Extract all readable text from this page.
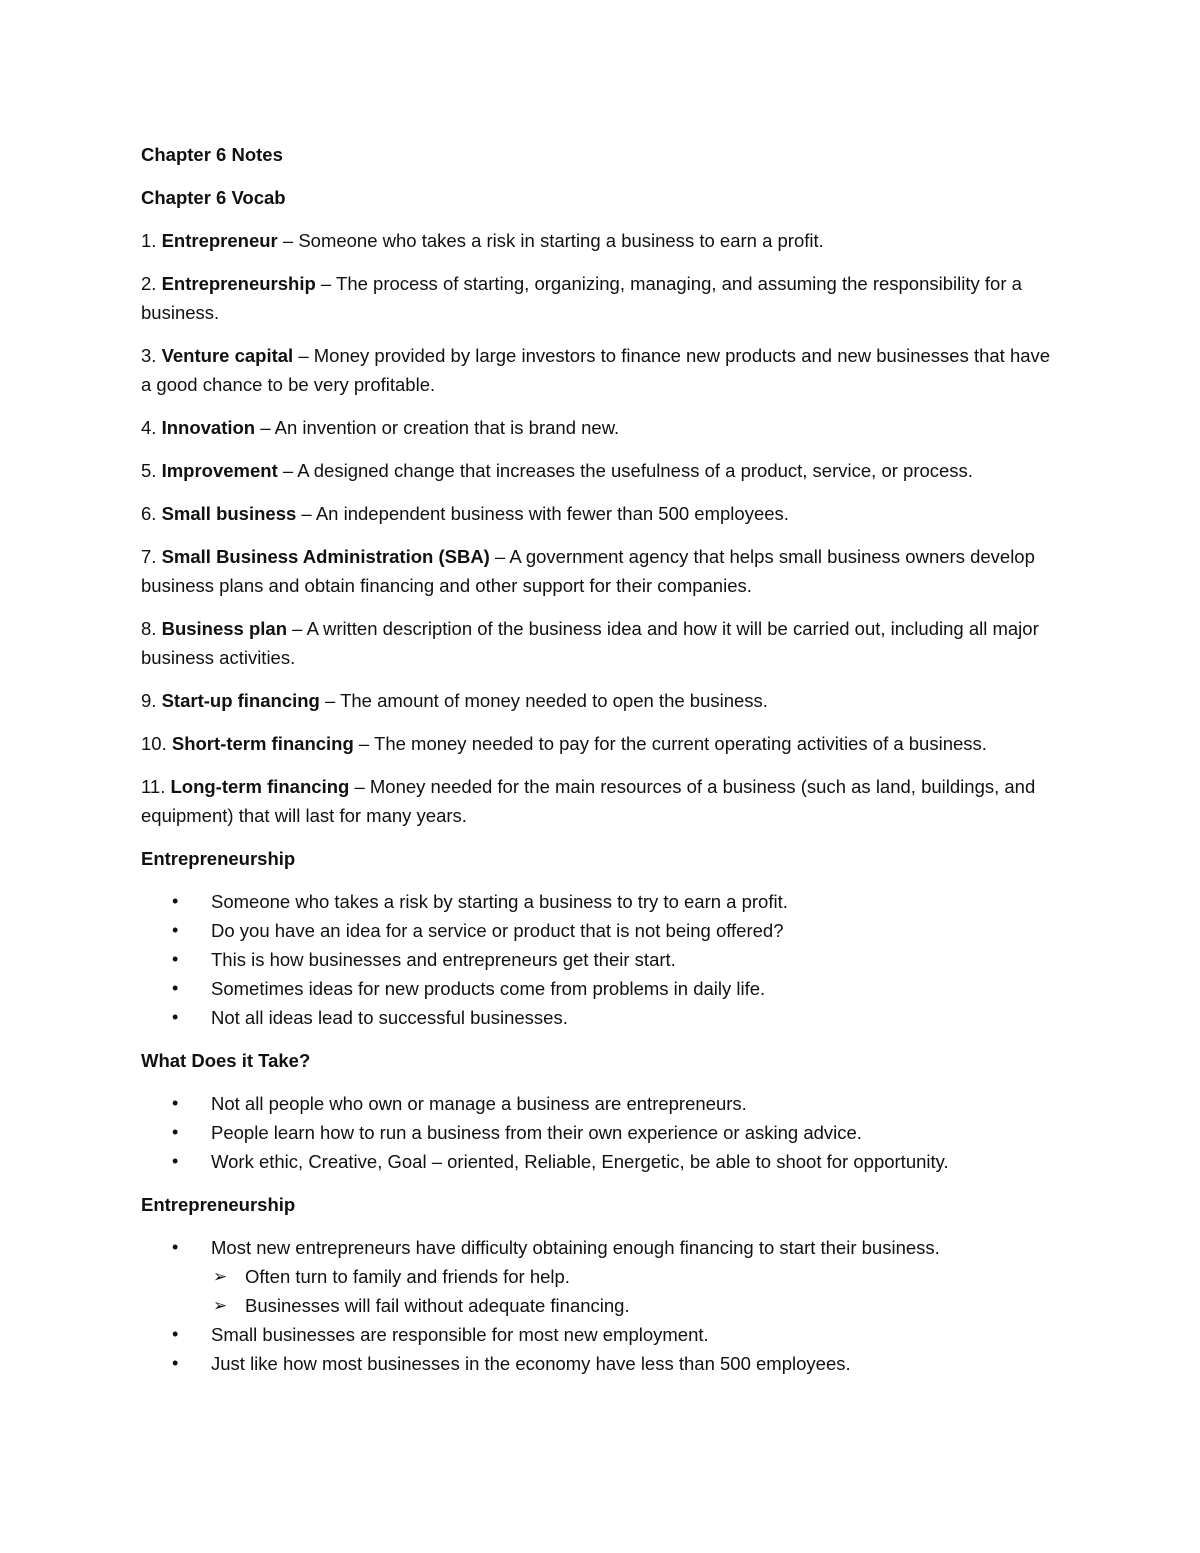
Chapter 6 Notes

Chapter 6 Vocab

1. Entrepreneur – Someone who takes a risk in starting a business to earn a profit.

2. Entrepreneurship – The process of starting, organizing, managing, and assuming the responsibility for a business.

3. Venture capital – Money provided by large investors to finance new products and new businesses that have a good chance to be very profitable.

4. Innovation – An invention or creation that is brand new.

5. Improvement – A designed change that increases the usefulness of a product, service, or process.

6. Small business – An independent business with fewer than 500 employees.

7. Small Business Administration (SBA) – A government agency that helps small business owners develop business plans and obtain financing and other support for their companies.

8. Business plan – A written description of the business idea and how it will be carried out, including all major business activities.

9. Start-up financing – The amount of money needed to open the business.

10. Short-term financing – The money needed to pay for the current operating activities of a business.

11. Long-term financing – Money needed for the main resources of a business (such as land, buildings, and equipment) that will last for many years.

Entrepreneurship

• Someone who takes a risk by starting a business to try to earn a profit.
• Do you have an idea for a service or product that is not being offered?
• This is how businesses and entrepreneurs get their start.
• Sometimes ideas for new products come from problems in daily life.
• Not all ideas lead to successful businesses.

What Does it Take?

• Not all people who own or manage a business are entrepreneurs.
• People learn how to run a business from their own experience or asking advice.
• Work ethic, Creative, Goal – oriented, Reliable, Energetic, be able to shoot for opportunity.

Entrepreneurship

• Most new entrepreneurs have difficulty obtaining enough financing to start their business.
➢ Often turn to family and friends for help.
➢ Businesses will fail without adequate financing.
• Small businesses are responsible for most new employment.
• Just like how most businesses in the economy have less than 500 employees.
